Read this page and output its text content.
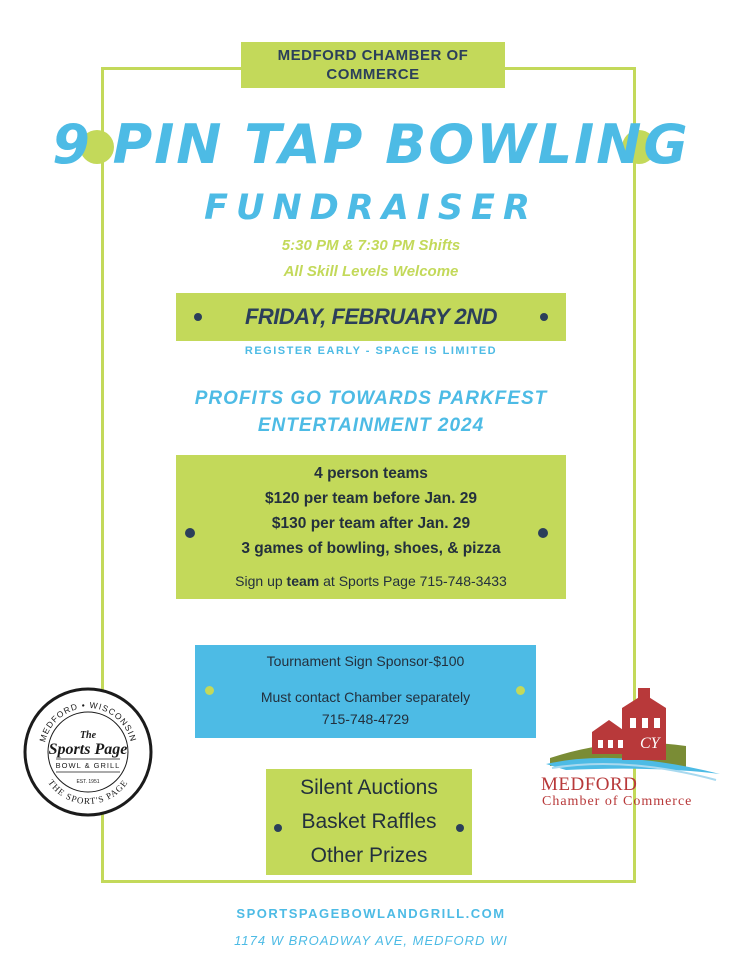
MEDFORD CHAMBER OF
COMMERCE
9 PIN TAP BOWLING
FUNDRAISER
5:30 PM & 7:30 PM Shifts
All Skill Levels Welcome
FRIDAY, FEBRUARY 2ND
REGISTER EARLY - SPACE IS LIMITED
PROFITS GO TOWARDS PARKFEST
ENTERTAINMENT 2024
4 person teams
$120 per team before Jan. 29
$130 per team after Jan. 29
3 games of bowling, shoes, & pizza
Sign up team at Sports Page 715-748-3433
Tournament Sign Sponsor-$100
Must contact Chamber separately
715-748-4729
Silent Auctions
Basket Raffles
Other Prizes
MEDFORD • WISCONSIN
THE SPORT'S PAGE
The
Sports Page
BOWL & GRILL
EST. 1951
CY
MEDFORD
Chamber of Commerce
SPORTSPAGEBOWLANDGRILL.COM
1174 W BROADWAY AVE, MEDFORD WI
